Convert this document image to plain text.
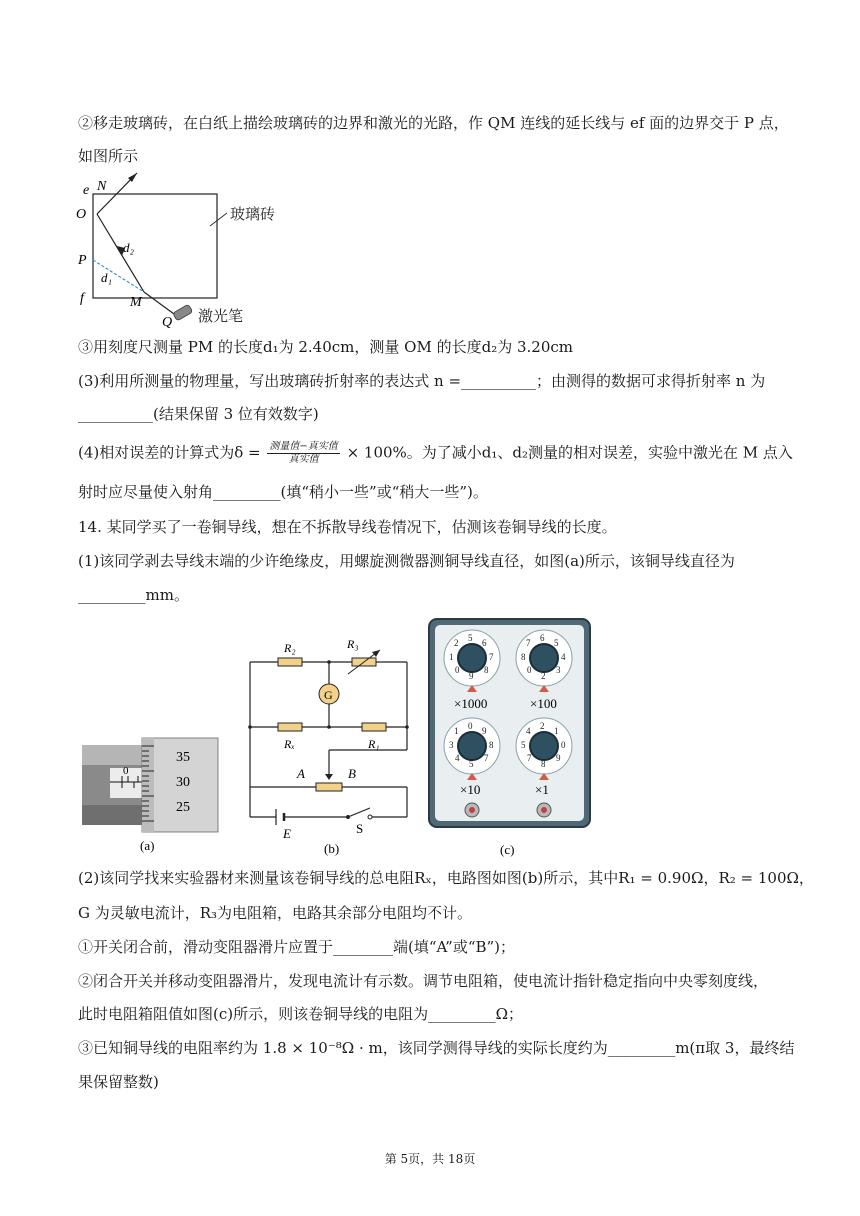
②移走玻璃砖，在白纸上描绘玻璃砖的边界和激光的光路，作 QM 连线的延长线与 ef 面的边界交于 P 点，
如图所示
玻璃砖
激光笔
e N
O
P
d₁
d₂
f	M
Q
③用刻度尺测量 PM 的长度d₁为 2.40cm，测量 OM 的长度d₂为 3.20cm
(3)利用所测量的物理量，写出玻璃砖折射率的表达式 n =__________；由测得的数据可求得折射率 n 为
__________(结果保留 3 位有效数字)
(4)相对误差的计算式为δ = 测量值−真实值
真实值	× 100%。为了减小d₁、d₂测量的相对误差，实验中激光在 M 点入
射时应尽量使入射角_________(填“稍小一些”或“稍大一些”)。
14. 某同学买了一卷铜导线，想在不拆散导线卷情况下，估测该卷铜导线的长度。
(1)该同学剥去导线末端的少许绝缘皮，用螺旋测微器测铜导线直径，如图(a)所示，该铜导线直径为
_________mm。
0
35
30
25
(a)
G
R₂	R₃
Rₓ	R₁
A	B
E	S
(b)
5 6
7
8
9
0
1
2	6 5
4
3
2
0
8
7
0 9
8
7
5
4
3
1	2 1
0
9
8
7
5
4
×1000	×100
×10	×1
(c)
(2)该同学找来实验器材来测量该卷铜导线的总电阻Rₓ，电路图如图(b)所示，其中R₁ = 0.90Ω，R₂ = 100Ω，
G 为灵敏电流计，R₃为电阻箱，电路其余部分电阻均不计。
①开关闭合前，滑动变阻器滑片应置于________端(填“A”或“B”)；
②闭合开关并移动变阻器滑片，发现电流计有示数。调节电阻箱，使电流计指针稳定指向中央零刻度线，
此时电阻箱阻值如图(c)所示，则该卷铜导线的电阻为_________Ω；
③已知铜导线的电阻率约为 1.8 × 10⁻⁸Ω · m，该同学测得导线的实际长度约为_________m(π取 3，最终结
果保留整数)
第 5页，共 18页
